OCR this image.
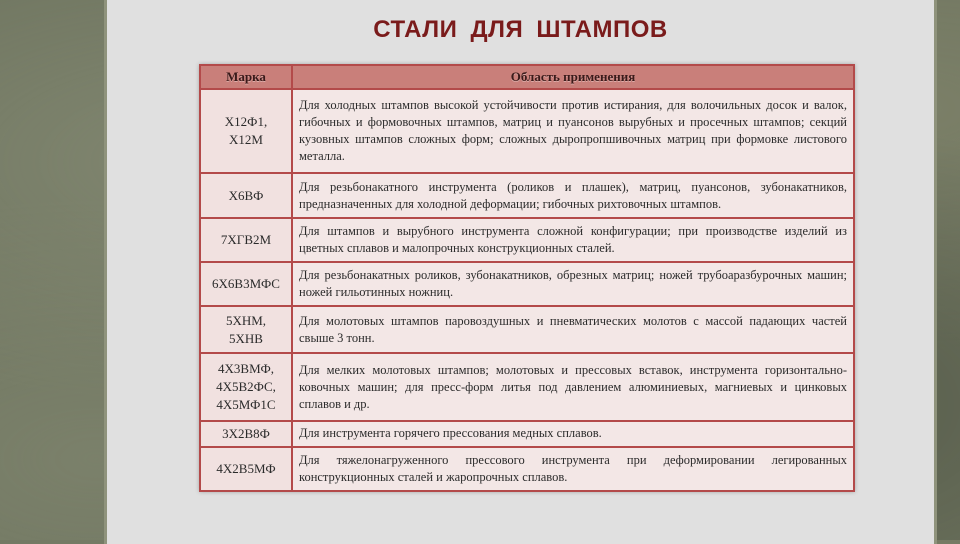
СТАЛИ ДЛЯ ШТАМПОВ
Марка	Область применения
Х12Ф1,
Х12М	Для холодных штампов высокой устойчивости против истирания, для волочильных досок и валок, гибочных и формовочных штампов, матриц и пуансонов вырубных и просечных штампов; секций кузовных штампов сложных форм; сложных дыропропшивочных матриц при формовке листового металла.
Х6ВФ	Для резьбонакатного инструмента (роликов и плашек), матриц, пуансонов, зубонакатников, предназначенных для холодной деформации; гибочных рихтовочных штампов.
7ХГВ2М	Для штампов и вырубного инструмента сложной конфигурации; при производстве изделий из цветных сплавов и малопрочных конструкционных сталей.
6Х6В3МФС	Для резьбонакатных роликов, зубонакатников, обрезных матриц; ножей трубоаразбурочных машин; ножей гильотинных ножниц.
5ХНМ,
5ХНВ	Для молотовых штампов паровоздушных и пневматических молотов с массой падающих частей свыше 3 тонн.
4Х3ВМФ,
4Х5В2ФС,
4Х5МФ1С	Для мелких молотовых штампов; молотовых и прессовых вставок, инструмента горизонтально-ковочных машин; для пресс-форм литья под давлением алюминиевых, магниевых и цинковых сплавов и др.
3Х2В8Ф	Для инструмента горячего прессования медных сплавов.
4Х2В5МФ	Для тяжелонагруженного прессового инструмента при деформировании легированных конструкционных сталей и жаропрочных сплавов.
